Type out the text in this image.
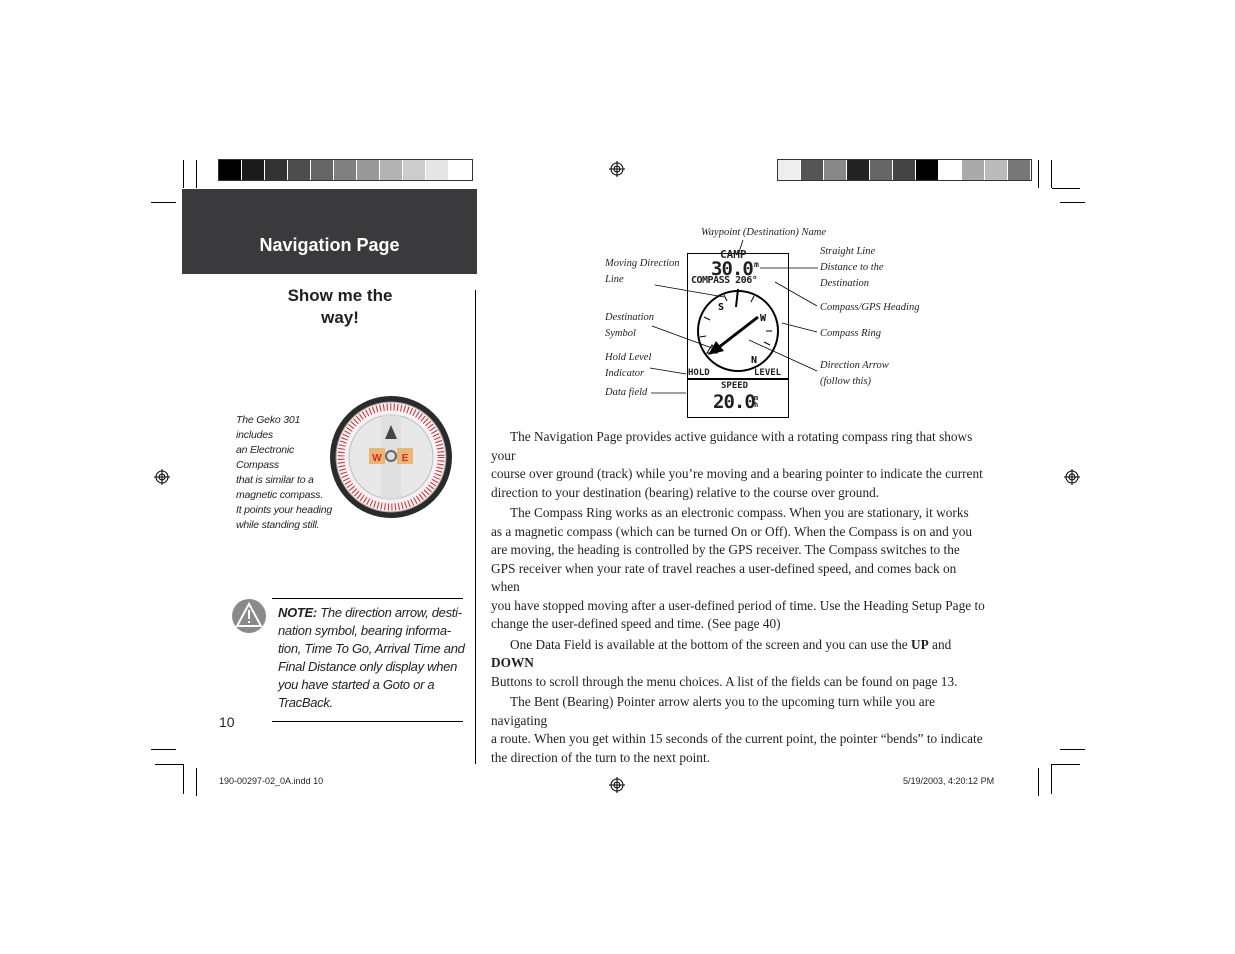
Navigation Page
Show me the
way!
The Geko 301 includes
an Electronic Compass
that is similar to a
magnetic compass.
It points your heading
while standing still.
W E
NOTE: The direction arrow, desti-
nation symbol, bearing informa-
tion, Time To Go, Arrival Time and
Final Distance only display when
you have started a Goto or a
TracBack.
10
190-00297-02_0A.indd 10	5/19/2003, 4:20:12 PM
CAMP
30.0 m
COMPASS 206°
S
W
N
HOLD	LEVEL
SPEED
20.0 m h
Waypoint (Destination) Name
Moving Direction
Line
Destination
Symbol
Hold Level
Indicator
Data field
Straight Line
Distance to the
Destination
Compass/GPS Heading
Compass Ring
Direction Arrow
(follow this)

The Navigation Page provides active guidance with a rotating compass ring that shows your
course over ground (track) while you’re moving and a bearing pointer to indicate the current
direction to your destination (bearing) relative to the course over ground.

The Compass Ring works as an electronic compass. When you are stationary, it works
as a magnetic compass (which can be turned On or Off). When the Compass is on and you
are moving, the heading is controlled by the GPS receiver. The Compass switches to the
GPS receiver when your rate of travel reaches a user-defined speed, and comes back on when
you have stopped moving after a user-defined period of time. Use the Heading Setup Page to
change the user-defined speed and time. (See page 40)

One Data Field is available at the bottom of the screen and you can use the UP and DOWN
Buttons to scroll through the menu choices. A list of the fields can be found on page 13.

The Bent (Bearing) Pointer arrow alerts you to the upcoming turn while you are navigating
a route. When you get within 15 seconds of the current point, the pointer “bends” to indicate
the direction of the turn to the next point.
